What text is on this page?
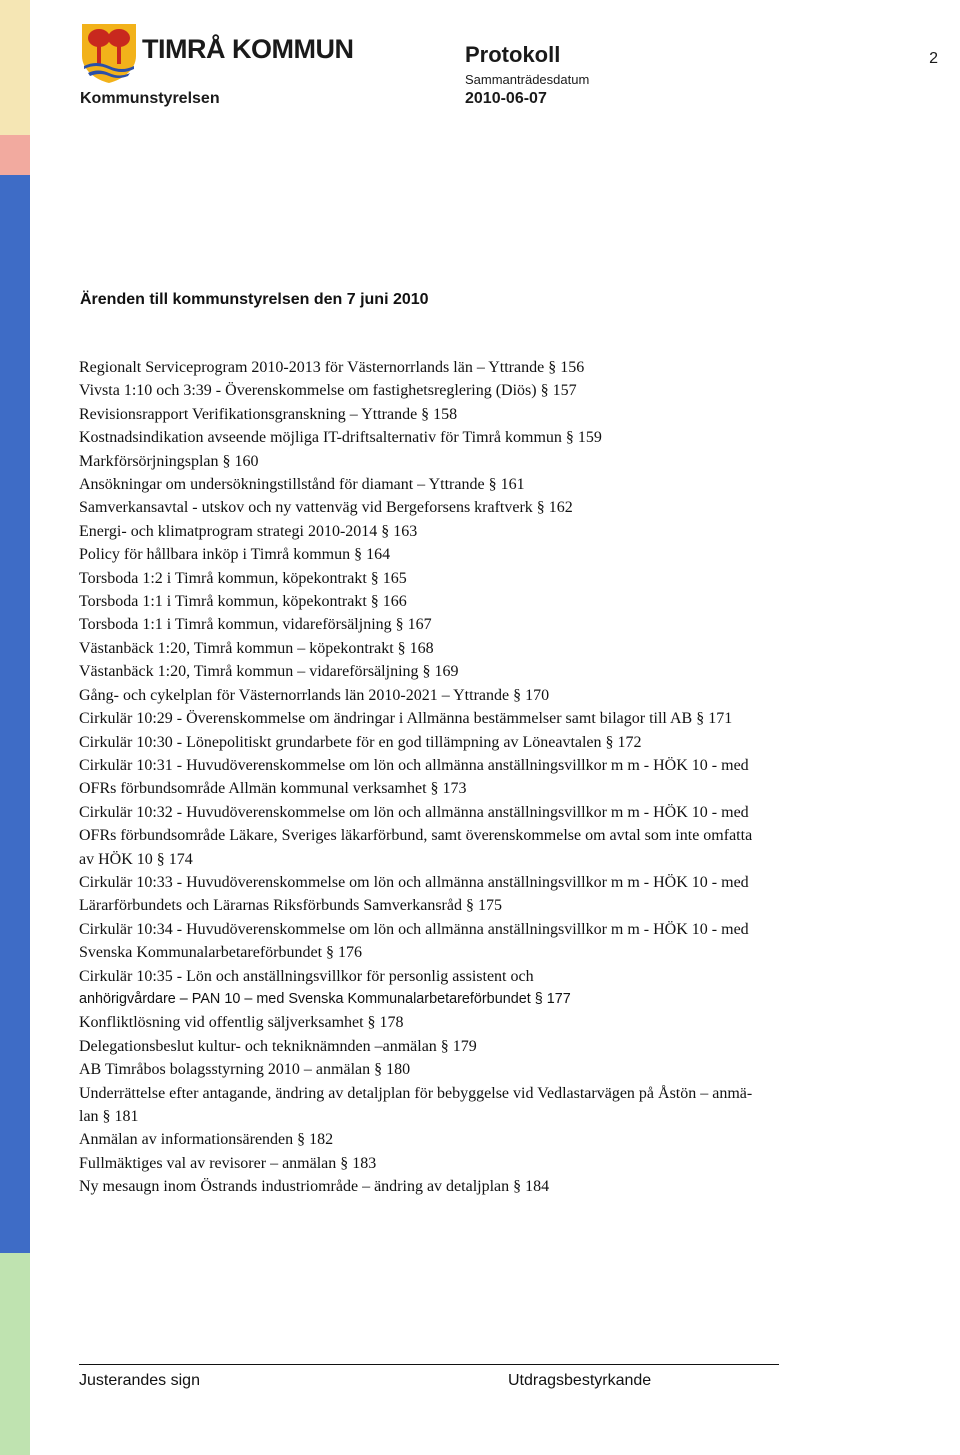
TIMRÅ KOMMUN
Kommunstyrelsen
Protokoll
Sammanträdesdatum
2010-06-07
2
Ärenden till kommunstyrelsen den 7 juni 2010
Regionalt Serviceprogram 2010-2013 för Västernorrlands län – Yttrande § 156
Vivsta 1:10 och 3:39 - Överenskommelse om fastighetsreglering (Diös) § 157
Revisionsrapport Verifikationsgranskning – Yttrande § 158
Kostnadsindikation avseende möjliga IT-driftsalternativ för Timrå kommun § 159
Markförsörjningsplan § 160
Ansökningar om undersökningstillstånd för diamant – Yttrande § 161
Samverkansavtal - utskov och ny vattenväg vid Bergeforsens kraftverk § 162
Energi- och klimatprogram strategi 2010-2014 § 163
Policy för hållbara inköp i Timrå kommun § 164
Torsboda 1:2 i Timrå kommun, köpekontrakt § 165
Torsboda 1:1 i Timrå kommun, köpekontrakt § 166
Torsboda 1:1 i Timrå kommun, vidareförsäljning § 167
Västanbäck 1:20, Timrå kommun – köpekontrakt § 168
Västanbäck 1:20, Timrå kommun – vidareförsäljning § 169
Gång- och cykelplan för Västernorrlands län 2010-2021 – Yttrande § 170
Cirkulär 10:29 - Överenskommelse om ändringar i Allmänna bestämmelser samt bilagor till AB § 171
Cirkulär 10:30 - Lönepolitiskt grundarbete för en god tillämpning av Löneavtalen § 172
Cirkulär 10:31 - Huvudöverenskommelse om lön och allmänna anställningsvillkor m m - HÖK 10 - med
OFRs förbundsområde Allmän kommunal verksamhet § 173
Cirkulär 10:32 - Huvudöverenskommelse om lön och allmänna anställningsvillkor m m - HÖK 10 - med
OFRs förbundsområde Läkare, Sveriges läkarförbund, samt överenskommelse om avtal som inte omfatta
av HÖK 10 § 174
Cirkulär 10:33 - Huvudöverenskommelse om lön och allmänna anställningsvillkor m m - HÖK 10 - med
Lärarförbundets och Lärarnas Riksförbunds Samverkansråd § 175
Cirkulär 10:34 - Huvudöverenskommelse om lön och allmänna anställningsvillkor m m - HÖK 10 - med
Svenska Kommunalarbetareförbundet § 176
Cirkulär 10:35 - Lön och anställningsvillkor för personlig assistent och
anhörigvårdare – PAN 10 – med Svenska Kommunalarbetareförbundet § 177
Konfliktlösning vid offentlig säljverksamhet § 178
Delegationsbeslut kultur- och tekniknämnden –anmälan § 179
AB Timråbos bolagsstyrning 2010 – anmälan § 180
Underrättelse efter antagande, ändring av detaljplan för bebyggelse vid Vedlastarvägen på Åstön – anmä-
lan § 181
Anmälan av informationsärenden § 182
Fullmäktiges val av revisorer – anmälan § 183
Ny mesaugn inom Östrands industriområde – ändring av detaljplan § 184
Justerandes sign	Utdragsbestyrkande
